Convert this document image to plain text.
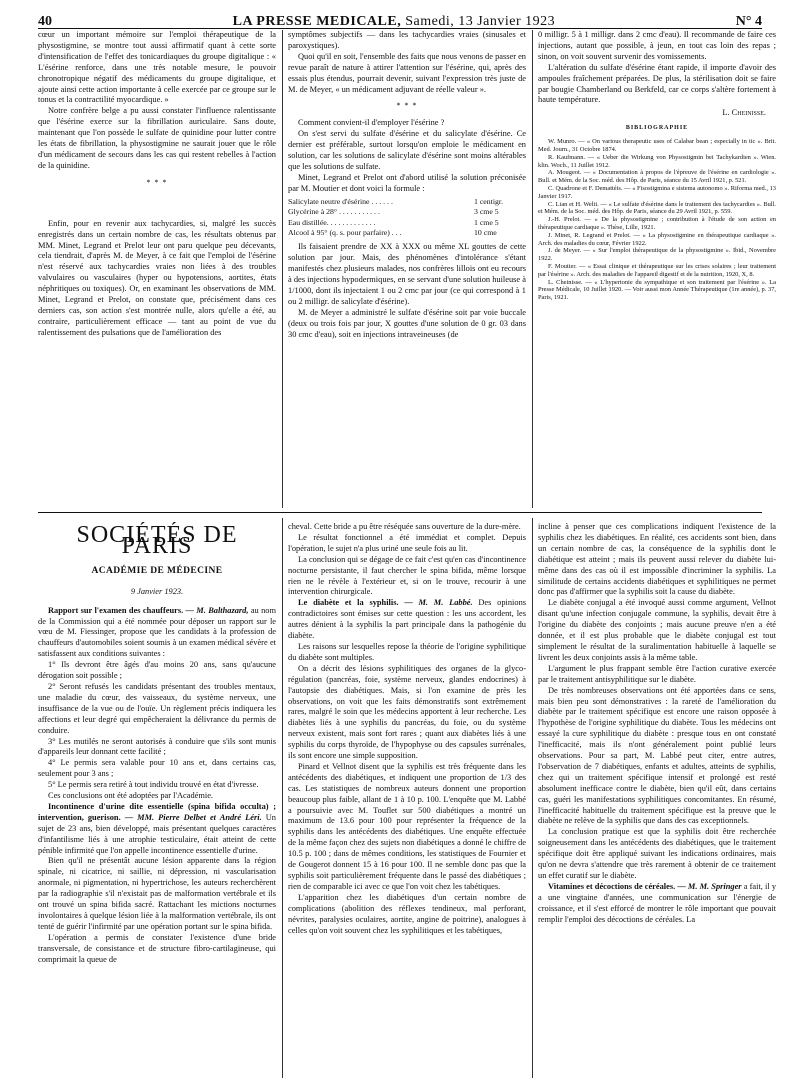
40	LA PRESSE MEDICALE, Samedi, 13 Janvier 1923	N° 4

cœur un important mémoire sur l'emploi thérapeutique de la physostigmine, se montre tout aussi affirmatif quant à cette sorte d'intensification de l'effet des tonicardiaques du groupe digitalique : « L'ésérine renforce, dans une très notable mesure, le pouvoir chronotropique négatif des médicaments du groupe digitalique, et ajoute ainsi cette action importante à celle exercée par ce groupe sur le tonus et la contractilité myocardique. »

Notre confrère belge a pu aussi constater l'influence ralentissante que l'ésérine exerce sur la fibrillation auriculaire. Sans doute, maintenant que l'on possède le sulfate de quinidine pour lutter contre les états de fibrillation, la physostigmine ne saurait jouer que le rôle d'un médicament de secours dans les cas qui restent rebelles à l'action de la quinidine.

* * *

Enfin, pour en revenir aux tachycardies, si, malgré les succès enregistrés dans un certain nombre de cas, les résultats obtenus par MM. Minet, Legrand et Prelot leur ont paru quelque peu décevants, cela tiendrait, d'après M. de Meyer, à ce fait que l'emploi de l'ésérine n'est réservé aux tachycardies vraies non liées à des troubles valvulaires ou vasculaires (hyper ou hypotensions, aortites, états néphritiques ou toxiques). Or, en examinant les observations de MM. Minet, Legrand et Prelot, on constate que, précisément dans ces derniers cas, son action s'est montrée nulle, alors qu'elle a été, au contraire, particulièrement efficace — tant au point de vue du ralentissement des pulsations que de l'amélioration des

symptômes subjectifs — dans les tachycardies vraies (sinusales et paroxystiques).

Quoi qu'il en soit, l'ensemble des faits que nous venons de passer en revue paraît de nature à attirer l'attention sur l'ésérine, qui, après des essais plus étendus, pourrait devenir, suivant l'expression très juste de M. de Meyer, « un médicament adjuvant de réelle valeur ».

* * *

Comment convient-il d'employer l'ésérine ?

On s'est servi du sulfate d'ésérine et du salicylate d'ésérine. Ce dernier est préférable, surtout lorsqu'on emploie le médicament en solution, car les solutions de salicylate d'ésérine sont moins altérables que les solutions de sulfate.

Minet, Legrand et Prelot ont d'abord utilisé la solution préconisée par M. Moutier et dont voici la formule :

Salicylate neutre d'ésérine . . . . . .	1 centigr.
Glycérine à 28° . . . . . . . . . . .	3 cme 5
Eau distillée. . . . . . . . . . . . .	1 cme 5
Alcool à 95° (q. s. pour parfaire) . . .	10 cme

Ils faisaient prendre de XX à XXX ou même XL gouttes de cette solution par jour. Mais, des phénomènes d'intolérance s'étant manifestés chez plusieurs malades, nos confrères lillois ont eu recours à des injections hypodermiques, en se servant d'une solution huileuse à 1/1000, dont ils injectaient 1 ou 2 cmc par jour (ce qui correspond à 1 ou 2 milligr. de salicylate d'ésérine).

M. de Meyer a administré le sulfate d'ésérine soit par voie buccale (deux ou trois fois par jour, X gouttes d'une solution de 0 gr. 03 dans 30 cmc d'eau), soit en injections intraveineuses (de

0 milligr. 5 à 1 milligr. dans 2 cmc d'eau). Il recommande de faire ces injections, autant que possible, à jeun, en tout cas loin des repas ; sinon, on voit souvent survenir des vomissements.

L'altération du sulfate d'ésérine étant rapide, il importe d'avoir des ampoules fraîchement préparées. De plus, la stérilisation doit se faire par bougie Chamberland ou Berkfeld, car ce corps s'altère fortement à haute température.

L. Cheinisse.
BIBLIOGRAPHIE

W. Munro. — « On various therapeutic uses of Calabar bean ; especially in tic ». Brit. Med. Journ., 31 Octobre 1874.

R. Kaufmann. — « Ueber die Wirkung von Physostigmin bei Tachykardien ». Wien. klin. Woch., 11 Juillet 1912.

A. Mougeot. — « Documentation à propos de l'épreuve de l'ésérine en cardiologie ». Bull. et Mém. de la Soc. méd. des Hôp. de Paris, séance du 15 Avril 1921, p. 521.

C. Quadrone et F. Demattéis. — « Fisostigmina e sistema autonomo ». Riforma med., 13 Janvier 1917.

C. Lian et H. Welti. — « Le sulfate d'ésérine dans le traitement des tachycardies ». Bull. et Mém. de la Soc. méd. des Hôp. de Paris, séance du 29 Avril 1921, p. 559.

J.-H. Prelot. — « De la physostigmine ; contribution à l'étude de son action en thérapeutique cardiaque ». Thèse, Lille, 1921.

J. Minet, R. Legrand et Prelot. — « La physostigmine en thérapeutique cardiaque ». Arch. des maladies du cœur, Février 1922.

J. de Meyer. — « Sur l'emploi thérapeutique de la physostigmine ». Ibid., Novembre 1922.

F. Moutier. — « Essai clinique et thérapeutique sur les crises solaires ; leur traitement par l'ésérine ». Arch. des maladies de l'appareil digestif et de la nutrition, 1920, X, 8.

L. Cheinisse. — « L'hypertonie du sympathique et son traitement par l'ésérine ». La Presse Médicale, 10 Juillet 1920. — Voir aussi mon Année Thérapeutique (1re année), p. 37, Paris, 1921.

SOCIÉTÉS DE PARIS
ACADÉMIE DE MÉDECINE
9 Janvier 1923.

Rapport sur l'examen des chauffeurs. — M. Balthazard, au nom de la Commission qui a été nommée pour déposer un rapport sur le vœu de M. Fiessinger, propose que les candidats à la profession de chauffeurs d'automobiles soient soumis à un examen médical sévère et satisfassent aux conditions suivantes :

1° Ils devront être âgés d'au moins 20 ans, sans qu'aucune dérogation soit possible ;

2° Seront refusés les candidats présentant des troubles mentaux, une maladie du cœur, des vaisseaux, du système nerveux, une insuffisance de la vue ou de l'ouïe. Un règlement précis indiquera les affections et leur degré qui empêcheraient la délivrance du permis de conduire.

3° Les mutilés ne seront autorisés à conduire que s'ils sont munis d'appareils leur donnant cette facilité ;

4° Le permis sera valable pour 10 ans et, dans certains cas, seulement pour 3 ans ;

5° Le permis sera retiré à tout individu trouvé en état d'ivresse.

Ces conclusions ont été adoptées par l'Académie.

Incontinence d'urine dite essentielle (spina bifida occulta) ; intervention, guerison. — MM. Pierre Delbet et André Léri. Un sujet de 23 ans, bien développé, mais présentant quelques caractères d'infantilisme liés à une atrophie testiculaire, était atteint de cette pénible infirmité que l'on appelle incontinence essentielle d'urine.

Bien qu'il ne présentât aucune lésion apparente dans la région spinale, ni cicatrice, ni saillie, ni dépression, ni vascularisation anormale, ni pigmentation, ni hypertrichose, les auteurs recherchèrent par la radiographie s'il n'existait pas de malformation vertébrale et ils ont trouvé un spina bifida sacré. Rattachant les mictions nocturnes involontaires à quelque lésion liée à la malformation vertébrale, ils ont tenté de guérir l'infirmité par une opération portant sur le spina bifida.

L'opération a permis de constater l'existence d'une bride transversale, de consistance et de structure fibro-cartilagineuse, qui comprimait la queue de

cheval. Cette bride a pu être réséquée sans ouverture de la dure-mère.

Le résultat fonctionnel a été immédiat et complet. Depuis l'opération, le sujet n'a plus uriné une seule fois au lit.

La conclusion qui se dégage de ce fait c'est qu'en cas d'incontinence nocturne persistante, il faut chercher le spina bifida, même lorsque rien ne le révèle à l'extérieur et, si on le trouve, recourir à une intervention chirurgicale.

Le diabète et la syphilis. — M. M. Labbé. Des opinions contradictoires sont émises sur cette question : les uns accordent, les autres dénient à la syphilis la part principale dans la pathogénie du diabète.

Les raisons sur lesquelles repose la théorie de l'origine syphilitique du diabète sont multiples.

On a décrit des lésions syphilitiques des organes de la glyco-régulation (pancréas, foie, système nerveux, glandes endocrines) à l'autopsie des diabétiques. Mais, si l'on examine de près les observations, on voit que les faits démonstratifs sont extrêmement rares, malgré le soin que les médecins apportent à leur recherche. Les diabètes liés à une syphilis du pancréas, du foie, ou du système nerveux existent, mais sont fort rares ; quant aux diabètes liés à une syphilis du corps thyroïde, de l'hypophyse ou des capsules surrénales, ils sont encore une simple supposition.

Pinard et Vellnot disent que la syphilis est très fréquente dans les antécédents des diabétiques, et indiquent une proportion de 1/3 des cas. Les statistiques de nombreux auteurs donnent une proportion beaucoup plus faible, allant de 1 à 10 p. 100. L'enquête que M. Labbé a poursuivie avec M. Touflet sur 500 diabétiques a montré un maximum de 13.6 pour 100 pour représenter la fréquence de la syphilis dans les antécédents des diabétiques. Une enquête effectuée de la même façon chez des sujets non diabétiques a donné le chiffre de 10.5 p. 100 ; dans de mêmes conditions, les statistiques de Fournier et de Gougerot donnent 15 à 16 pour 100. Il ne semble donc pas que la syphilis soit particulièrement fréquente dans le passé des diabétiques ; rien de comparable ici avec ce que l'on voit chez les tabétiques.

L'apparition chez les diabétiques d'un certain nombre de complications (abolition des réflexes tendineux, mal perforant, névrites, paralysies oculaires, aortite, angine de poitrine), analogues à celles qu'on voit souvent chez les syphilitiques et les tabétiques,

incline à penser que ces complications indiquent l'existence de la syphilis chez les diabétiques. En réalité, ces accidents sont bien, dans un certain nombre de cas, la conséquence de la syphilis dont le diabétique est atteint ; mais ils peuvent aussi relever du diabète lui-même dans des cas où il est impossible d'incriminer la syphilis. La similitude de certains accidents diabétiques et syphilitiques ne permet donc pas d'affirmer que la syphilis soit la cause du diabète.

Le diabète conjugal a été invoqué aussi comme argument, Vellnot disant qu'une infection conjugale commune, la syphilis, devait être à l'origine du diabète des conjoints ; mais aucune preuve n'en a été donnée, et il est plus probable que le diabète conjugal est tout simplement le résultat de la suralimentation habituelle à laquelle se livrent les deux conjoints assis à la même table.

L'argument le plus frappant semble être l'action curative exercée par le traitement antisyphilitique sur le diabète.

De très nombreuses observations ont été apportées dans ce sens, mais bien peu sont démonstratives : la rareté de l'amélioration du diabète par le traitement spécifique est encore une raison opposée à l'hypothèse de l'origine syphilitique du diabète. Tous les médecins ont essayé la cure syphilitique du diabète : presque tous en ont constaté l'inefficacité, mais ils n'ont généralement point publié leurs observations. Pour sa part, M. Labbé peut citer, entre autres, l'observation de 7 diabétiques, enfants et adultes, atteints de syphilis, chez qui un traitement spécifique intensif et prolongé est resté absolument inefficace contre le diabète, bien qu'il eût, dans certains cas, guéri les manifestations syphilitiques concomitantes. En résumé, l'inefficacité habituelle du traitement spécifique est la preuve que le diabète ne relève de la syphilis que dans des cas exceptionnels.

La conclusion pratique est que la syphilis doit être recherchée soigneusement dans les antécédents des diabétiques, que le traitement spécifique doit être appliqué suivant les indications ordinaires, mais qu'on ne devra s'attendre que très rarement à obtenir de ce traitement un effet curatif sur le diabète.

Vitamines et décoctions de céréales. — M. M. Springer a fait, il y a une vingtaine d'années, une communication sur l'énergie de croissance, et il s'est efforcé de montrer le rôle important que pouvait remplir l'emploi des décoctions de céréales. La
